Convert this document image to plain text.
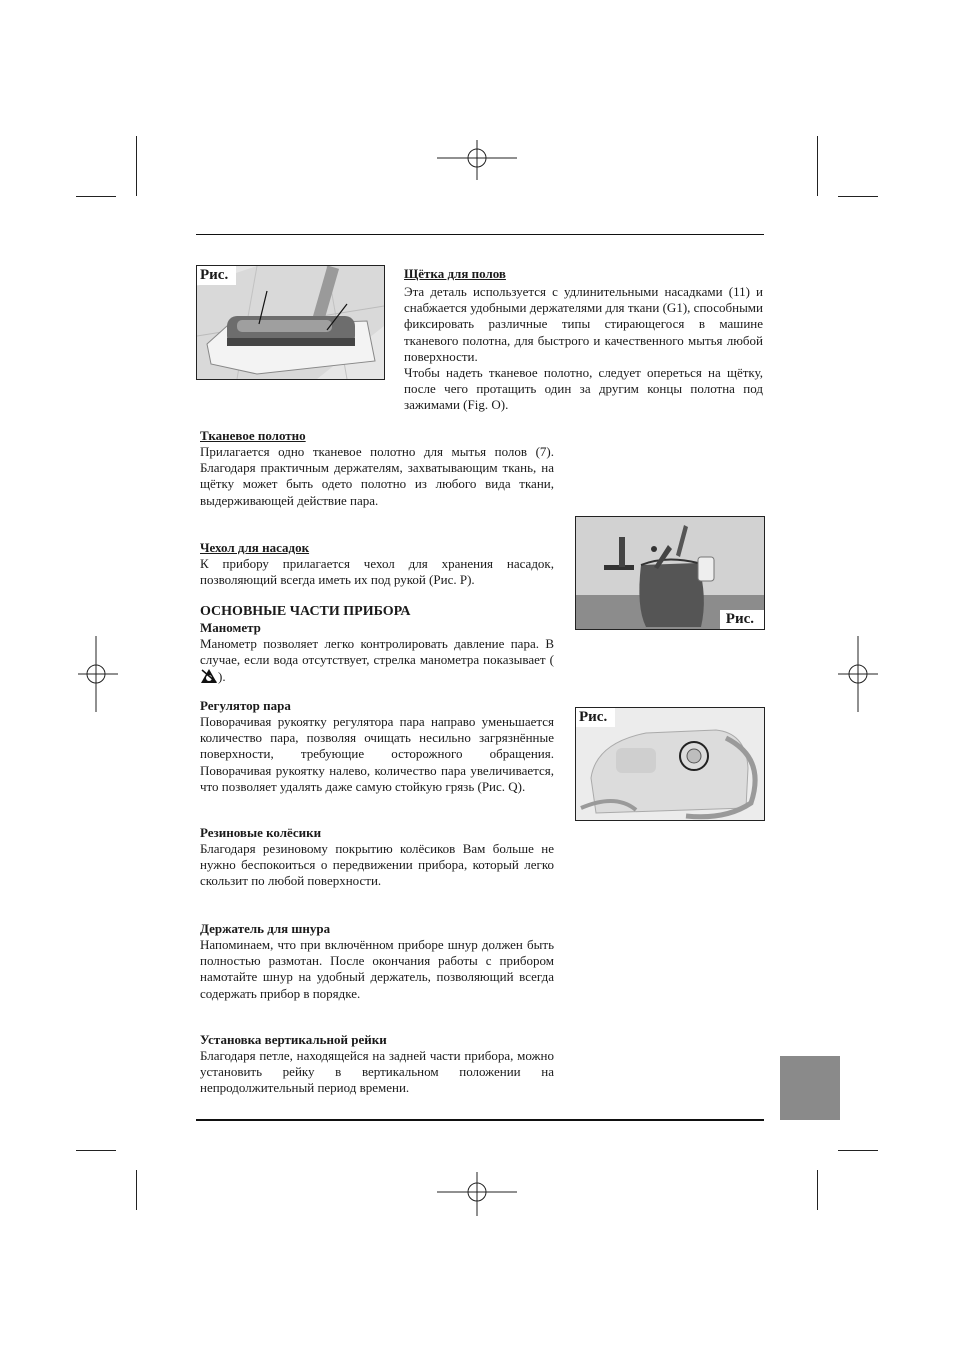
Рис.
Рис.
Рис.

Щётка для полов

Эта деталь используется с удлинительными насадками (11) и снабжается удобными держателями для ткани (G1), способными фиксировать различные типы стирающегося в машине тканевого полотна, для быстрого и качественного мытья любой поверхности.

Чтобы надеть тканевое полотно, следует опереться на щётку, после чего протащить один за другим концы полотна под зажимами (Fig. O).

Тканевое полотно

Прилагается одно тканевое полотно для мытья полов (7). Благодаря практичным держателям, захватывающим ткань, на щётку может быть одето полотно из любого вида ткани, выдерживающей действие пара.

Чехол для насадок

К прибору прилагается чехол для хранения насадок, позволяющий всегда иметь их под рукой (Рис. P).

ОСНОВНЫЕ ЧАСТИ ПРИБОРА

Манометр

Манометр позволяет легко контролировать давление пара. В случае, если вода отсутствует, стрелка манометра показывает ().

Регулятор пара

Поворачивая рукоятку регулятора пара направо уменьшается количество пара, позволяя очищать несильно загрязнённые поверхности, требующие осторожного обращения. Поворачивая рукоятку налево, количество пара увеличивается, что позволяет удалять даже самую стойкую грязь (Рис. Q).

Резиновые колёсики

Благодаря резиновому покрытию колёсиков Вам больше не нужно беспокоиться о передвижении прибора, который легко скользит по любой поверхности.

Держатель для шнура

Напоминаем, что при включённом приборе шнур должен быть полностью размотан. После окончания работы с прибором намотайте шнур на удобный держатель, позволяющий всегда содержать прибор в порядке.

Установка вертикальной рейки

Благодаря петле, находящейся на задней части прибора, можно установить рейку в вертикальном положении на непродолжительный период времени.
